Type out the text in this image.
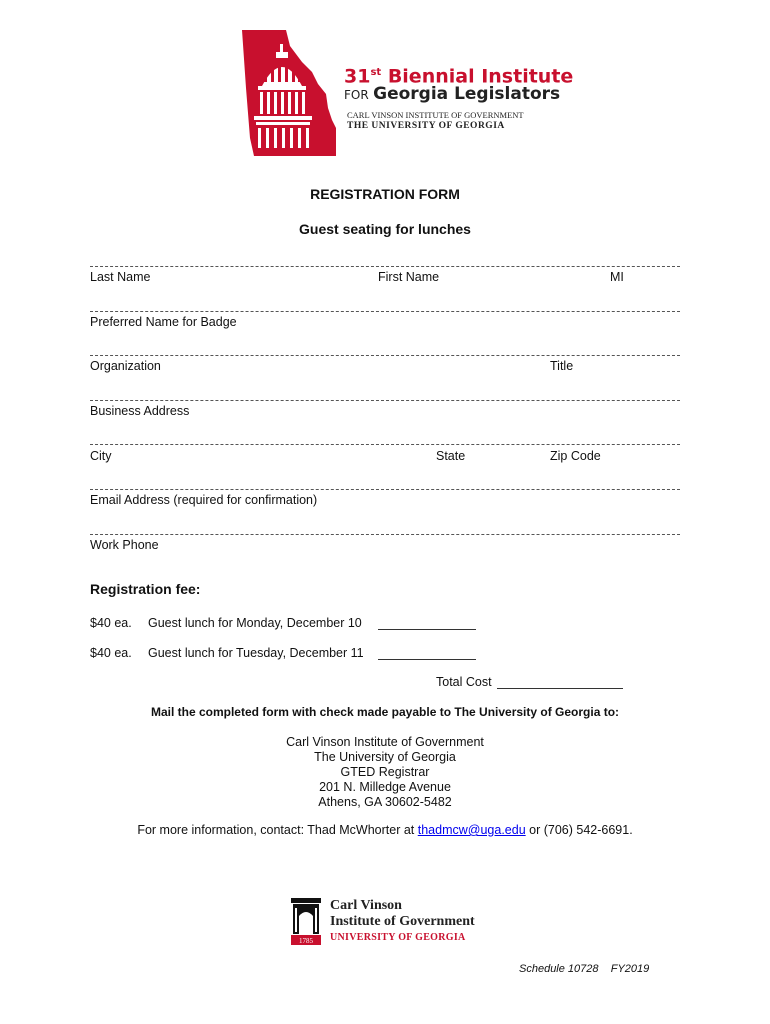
31st Biennial Institute
FOR Georgia Legislators
CARL VINSON INSTITUTE OF GOVERNMENT
THE UNIVERSITY OF GEORGIA
REGISTRATION FORM
Guest seating for lunches
Last Name	First Name	MI
Preferred Name for Badge
Organization	Title
Business Address
City	State	Zip Code
Email Address (required for confirmation)
Work Phone
Registration fee:
$40 ea. Guest lunch for Monday, December 10
$40 ea. Guest lunch for Tuesday, December 11
Total Cost
Mail the completed form with check made payable to The University of Georgia to:
Carl Vinson Institute of Government
The University of Georgia
GTED Registrar
201 N. Milledge Avenue
Athens, GA 30602-5482
For more information, contact: Thad McWhorter at thadmcw@uga.edu or (706) 542-6691.
1785
Carl Vinson
Institute of Government
UNIVERSITY OF GEORGIA
Schedule 10728    FY2019
